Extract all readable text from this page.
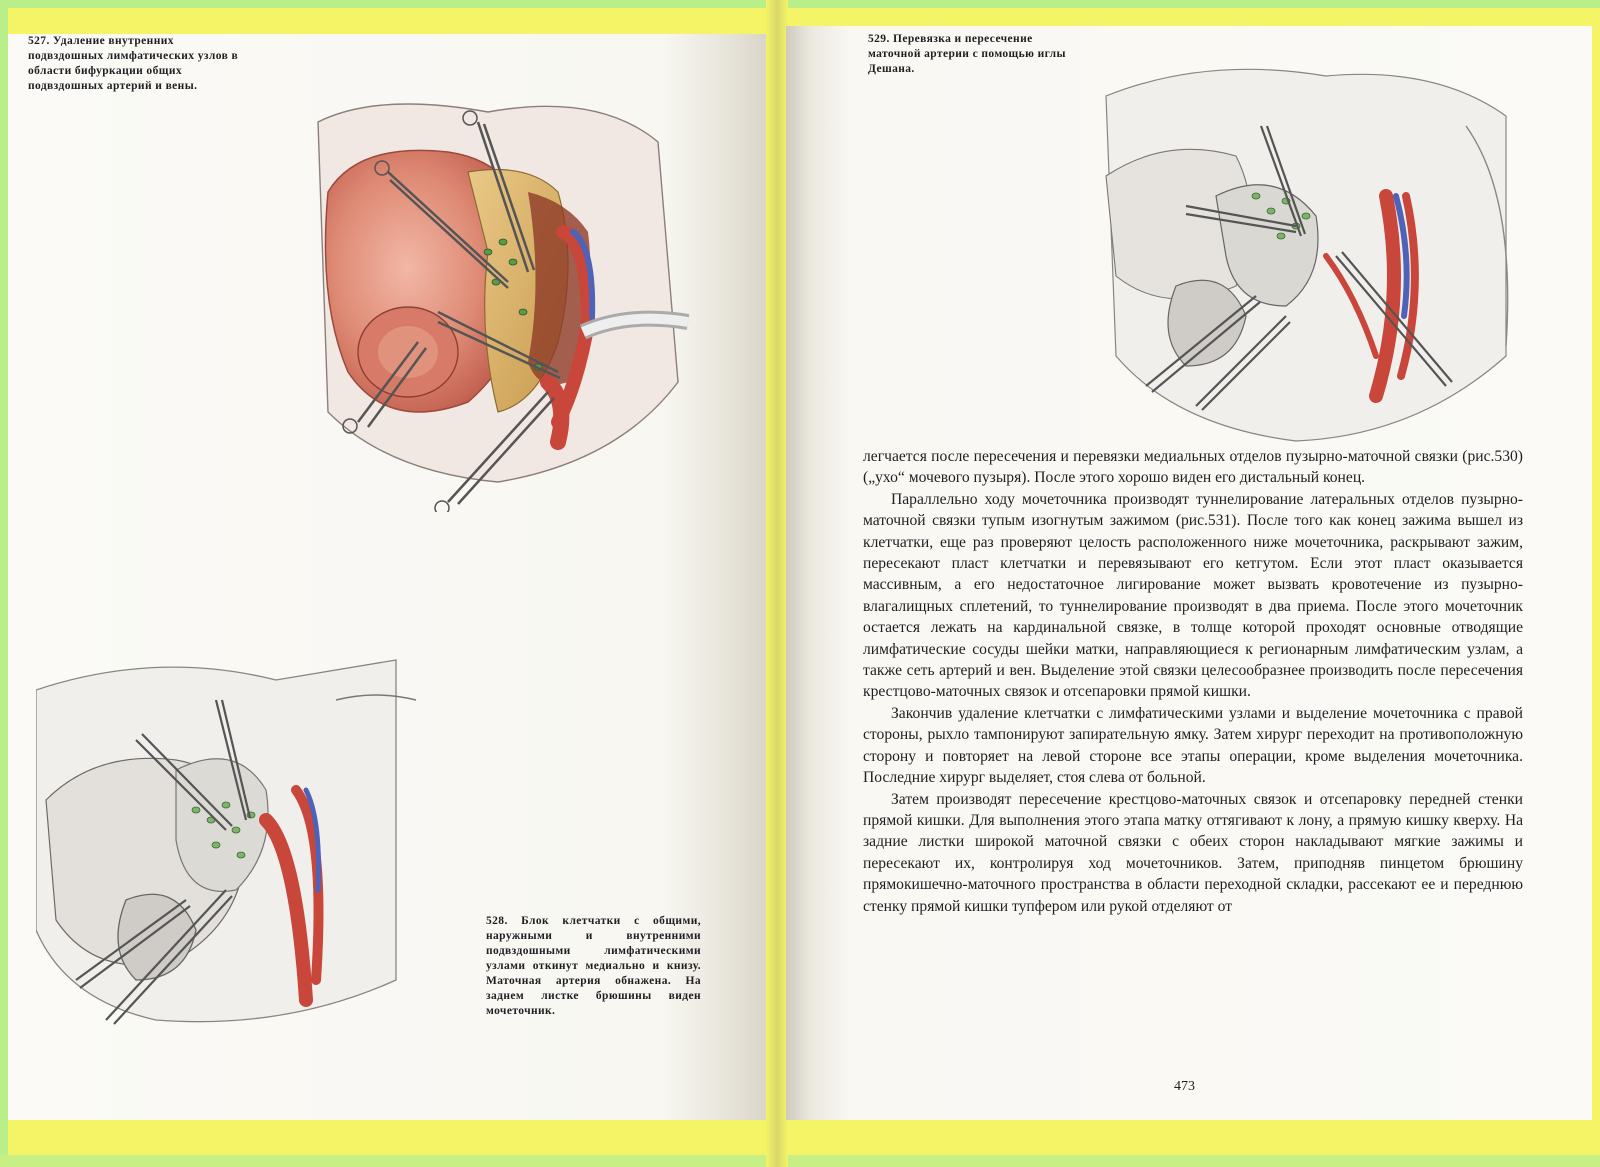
527. Удаление внутренних подвздошных лимфатических узлов в области бифуркации общих подвздошных артерий и вены.
528. Блок клетчатки с общими, наружными и внутренними подвздошными лимфатическими узлами откинут медиально и книзу. Маточная артерия обнажена. На заднем листке брюшины виден мочеточник.
529. Перевязка и пересечение маточной артерии с помощью иглы Дешана.

легчается после пересечения и перевязки медиальных отделов пузырно-маточной связки (рис.530) („ухо“ мочевого пузыря). После этого хорошо виден его дистальный конец.

Параллельно ходу мочеточника производят туннелирование латеральных отделов пузырно-маточной связки тупым изогнутым зажимом (рис.531). После того как конец зажима вышел из клетчатки, еще раз проверяют целость расположенного ниже мочеточника, раскрывают зажим, пересекают пласт клетчатки и перевязывают его кетгутом. Если этот пласт оказывается массивным, а его недостаточное лигирование может вызвать кровотечение из пузырно-влагалищных сплетений, то туннелирование производят в два приема. После этого мочеточник остается лежать на кардинальной связке, в толще которой проходят основные отводящие лимфатические сосуды шейки матки, направляющиеся к регионарным лимфатическим узлам, а также сеть артерий и вен. Выделение этой связки целесообразнее производить после пересечения крестцово-маточных связок и отсепаровки прямой кишки.

Закончив удаление клетчатки с лимфатическими узлами и выделение мочеточника с правой стороны, рыхло тампонируют запирательную ямку. Затем хирург переходит на противоположную сторону и повторяет на левой стороне все этапы операции, кроме выделения мочеточника. Последние хирург выделяет, стоя слева от больной.

Затем производят пересечение крестцово-маточных связок и отсепаровку передней стенки прямой кишки. Для выполнения этого этапа матку оттягивают к лону, а прямую кишку кверху. На задние листки широкой маточной связки с обеих сторон накладывают мягкие зажимы и пересекают их, контролируя ход мочеточников. Затем, приподняв пинцетом брюшину прямокишечно-маточного пространства в области переходной складки, рассекают ее и переднюю стенку прямой кишки тупфером или рукой отделяют от

473
